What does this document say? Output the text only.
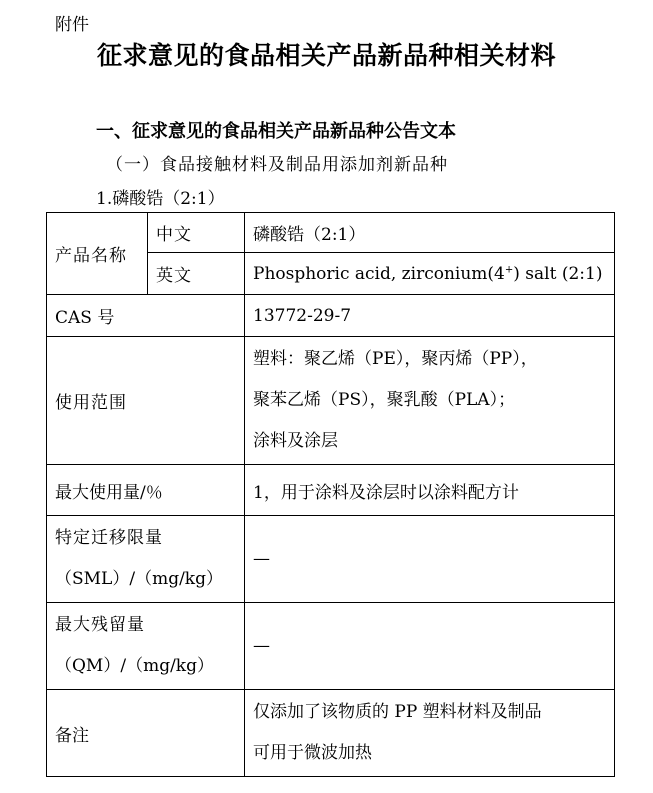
附件
征求意见的食品相关产品新品种相关材料
一、征求意见的食品相关产品新品种公告文本
（一）食品接触材料及制品用添加剂新品种
1.磷酸锆（2:1）
产品名称	中文	磷酸锆（2:1）
	英文	Phosphoric acid, zirconium(4+) salt (2:1)
CAS 号		13772-29-7
使用范围		塑料：聚乙烯（PE），聚丙烯（PP），
聚苯乙烯（PS），聚乳酸（PLA）；
涂料及涂层

最大使用量/％		1，用于涂料及涂层时以涂料配方计

特定迁移限量
（SML）/（mg/kg）		—

最大残留量
（QM）/（mg/kg）		—
备注		仅添加了该物质的 PP 塑料材料及制品
可用于微波加热
